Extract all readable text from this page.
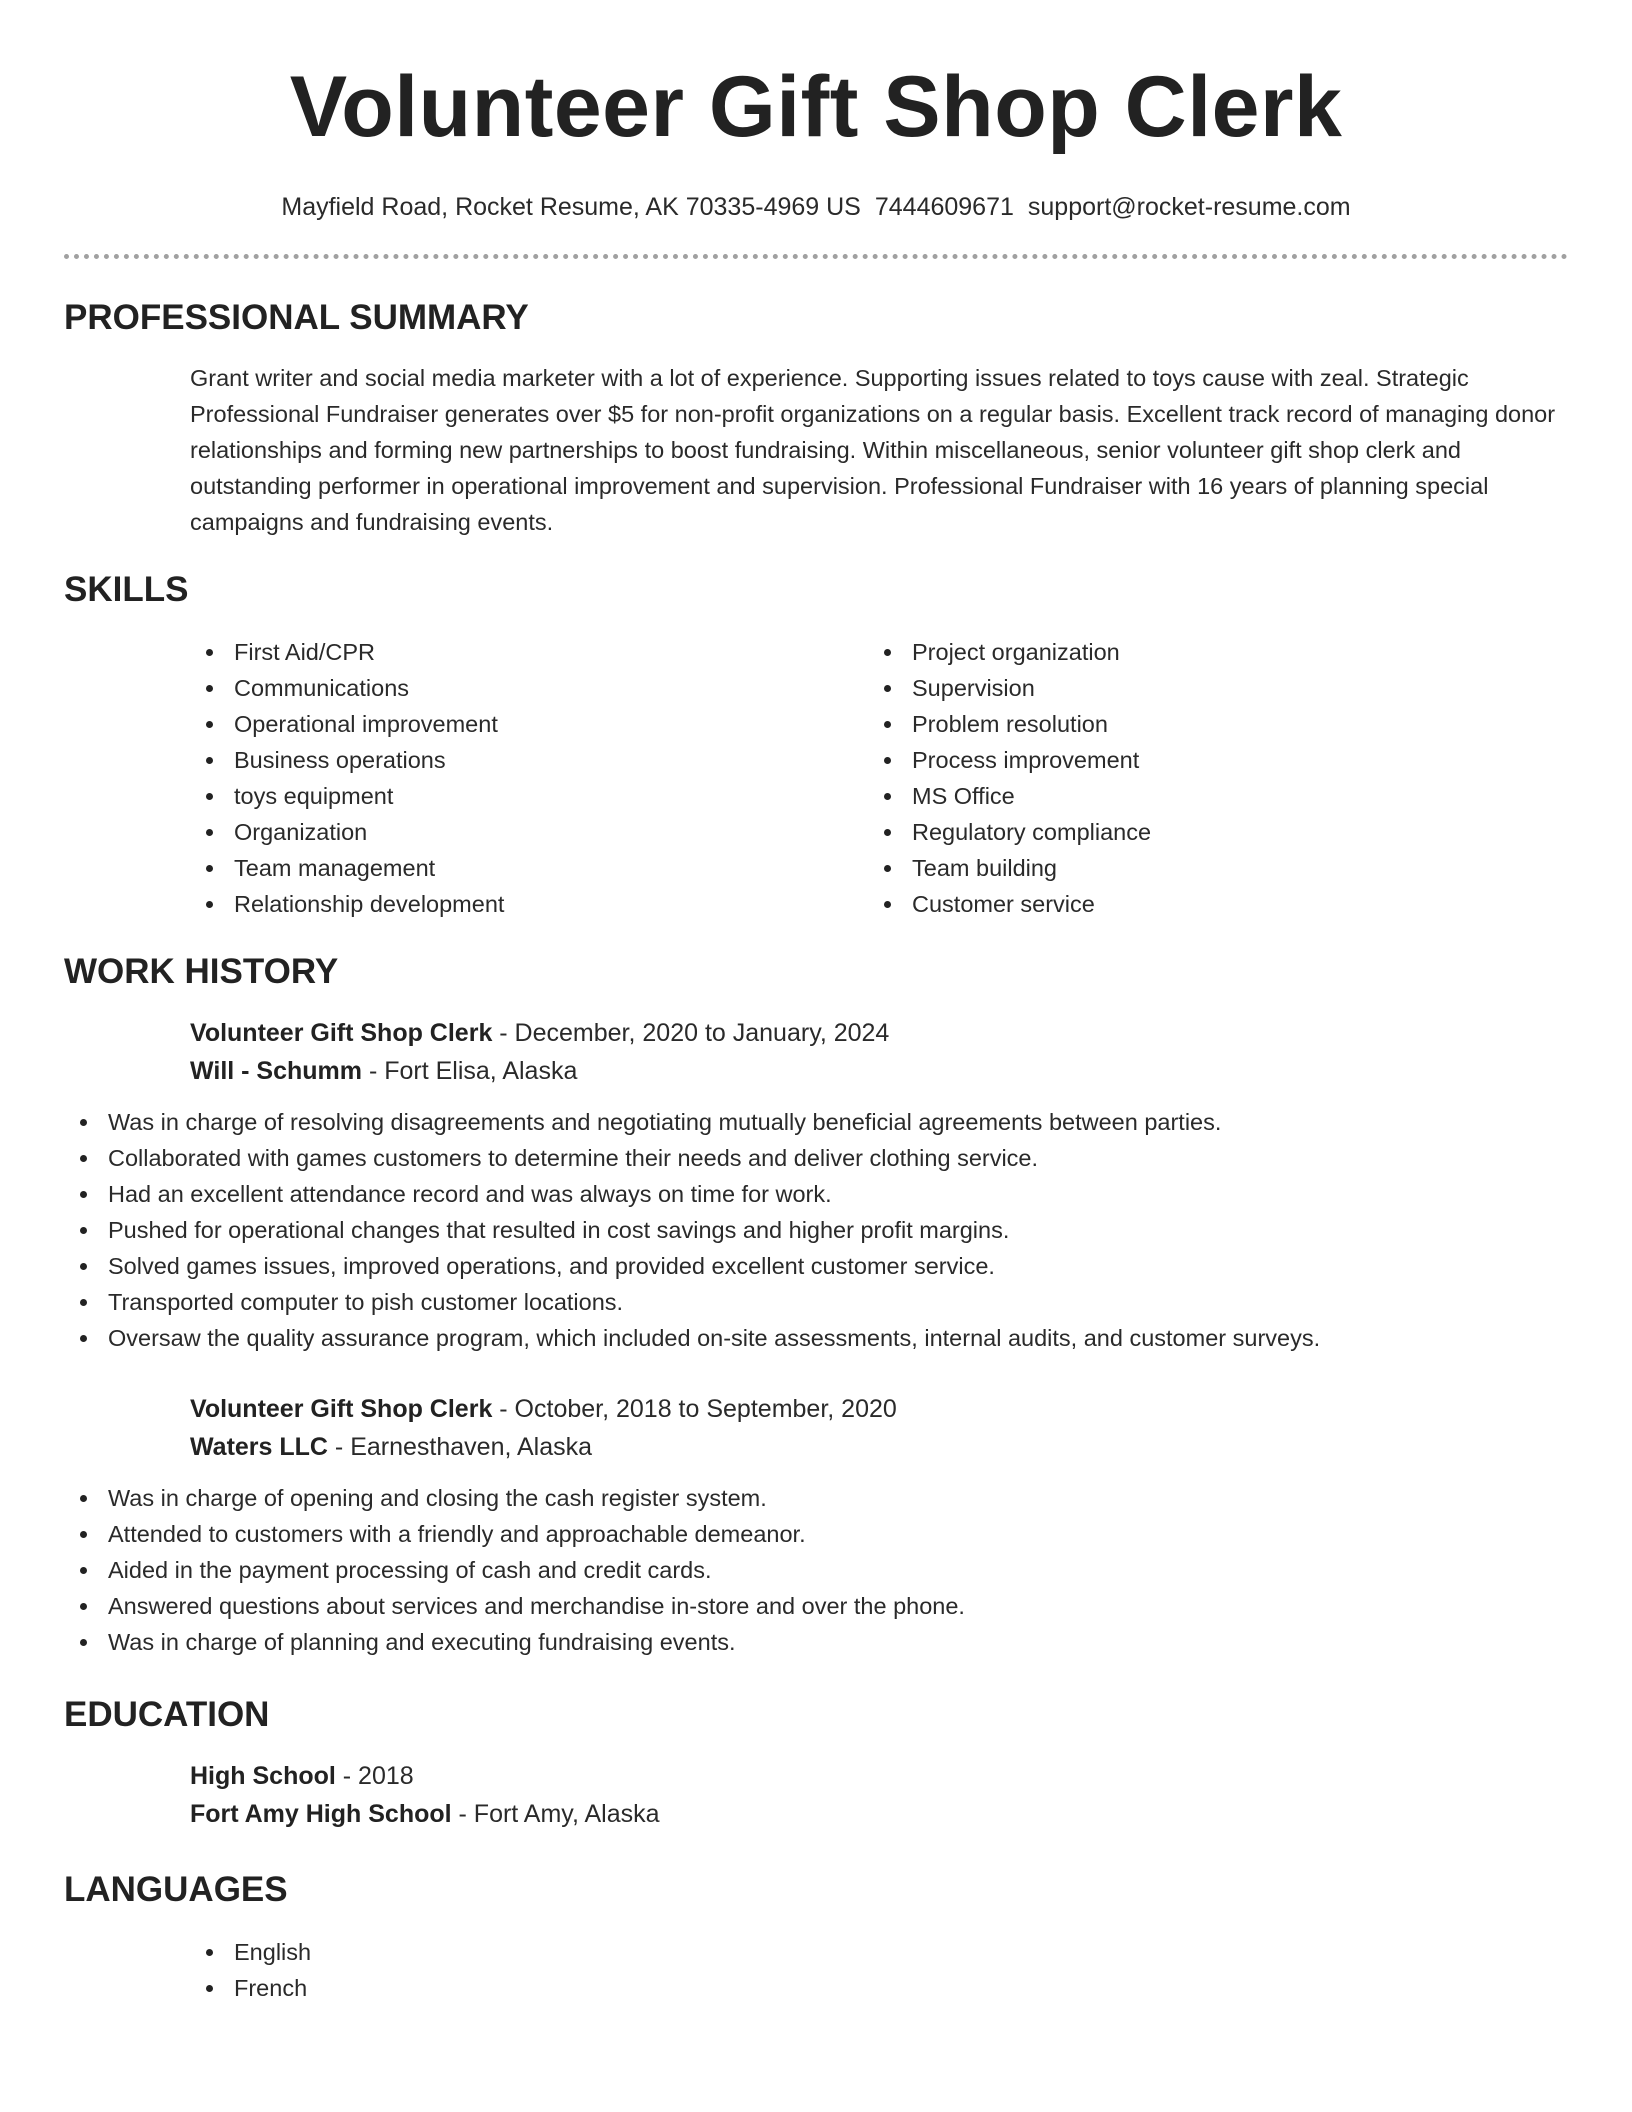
Volunteer Gift Shop Clerk
Mayfield Road, Rocket Resume, AK 70335-4969 US 7444609671 support@rocket-resume.com
PROFESSIONAL SUMMARY

Grant writer and social media marketer with a lot of experience. Supporting issues related to toys cause with zeal. Strategic Professional Fundraiser generates over $5 for non-profit organizations on a regular basis. Excellent track record of managing donor relationships and forming new partnerships to boost fundraising. Within miscellaneous, senior volunteer gift shop clerk and outstanding performer in operational improvement and supervision. Professional Fundraiser with 16 years of planning special campaigns and fundraising events.

SKILLS
First Aid/CPR
Communications
Operational improvement
Business operations
toys equipment
Organization
Team management
Relationship development
Project organization
Supervision
Problem resolution
Process improvement
MS Office
Regulatory compliance
Team building
Customer service
WORK HISTORY
Volunteer Gift Shop Clerk - December, 2020 to January, 2024
Will - Schumm - Fort Elisa, Alaska
Was in charge of resolving disagreements and negotiating mutually beneficial agreements between parties.
Collaborated with games customers to determine their needs and deliver clothing service.
Had an excellent attendance record and was always on time for work.
Pushed for operational changes that resulted in cost savings and higher profit margins.
Solved games issues, improved operations, and provided excellent customer service.
Transported computer to pish customer locations.
Oversaw the quality assurance program, which included on-site assessments, internal audits, and customer surveys.
Volunteer Gift Shop Clerk - October, 2018 to September, 2020
Waters LLC - Earnesthaven, Alaska
Was in charge of opening and closing the cash register system.
Attended to customers with a friendly and approachable demeanor.
Aided in the payment processing of cash and credit cards.
Answered questions about services and merchandise in-store and over the phone.
Was in charge of planning and executing fundraising events.
EDUCATION
High School - 2018
Fort Amy High School - Fort Amy, Alaska
LANGUAGES
English
French
